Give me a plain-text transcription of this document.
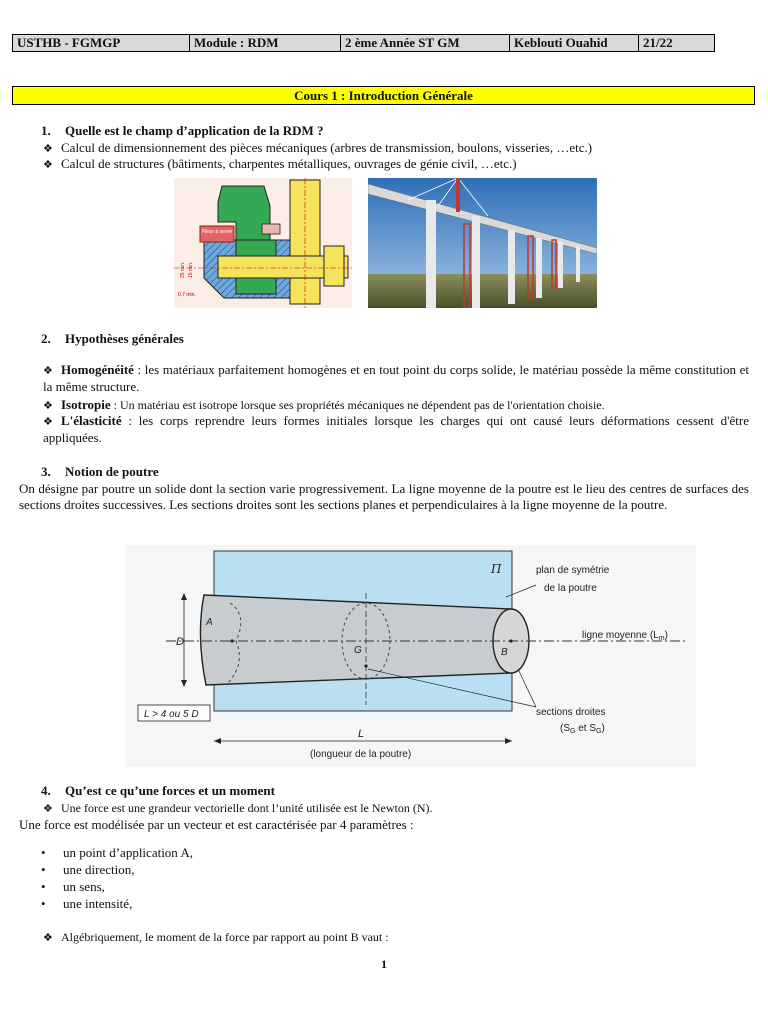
USTHB - FGMGP	Module : RDM	2 ème Année ST GM	Keblouti Ouahid	21/22
Cours 1 : Introduction Générale
1. Quelle est le champ d’application de la RDM ?
❖ Calcul de dimensionnement des pièces mécaniques (arbres de transmission, boulons, visseries, …etc.)
❖ Calcul de structures (bâtiments, charpentes métalliques, ouvrages de génie civil, …etc.)
Pièce à serrer
25 min. 15 min.
0,7 min.
2. Hypothèses générales
❖ Homogénéité : les matériaux parfaitement homogènes et en tout point du corps solide, le matériau possède la même constitution et la même structure.
❖ Isotropie : Un matériau est isotrope lorsque ses propriétés mécaniques ne dépendent pas de l'orientation choisie.
❖ L'élasticité : les corps reprendre leurs formes initiales lorsque les charges qui ont causé leurs déformations cessent d'être appliquées.
3. Notion de poutre
On désigne par poutre un solide dont la section varie progressivement. La ligne moyenne de la poutre est le lieu des centres de surfaces des sections droites successives. Les sections droites sont les sections planes et perpendiculaires à la ligne moyenne de la poutre.
D
A
G	B
Π	plan de symétrie
de la poutre
ligne moyenne $(L_m)$
sections droites
($S_G$ et $S_G$)
L > 4 ou 5 D
L
(longueur de la poutre)
4. Qu’est ce qu’une forces et un moment
❖ Une force est une grandeur vectorielle dont l’unité utilisée est le Newton (N).
Une force est modélisée par un vecteur et est caractérisée par 4 paramètres :
• un point d’application A,
• une direction,
• un sens,
• une intensité,
❖ Algébriquement, le moment de la force par rapport au point B vaut :
1
